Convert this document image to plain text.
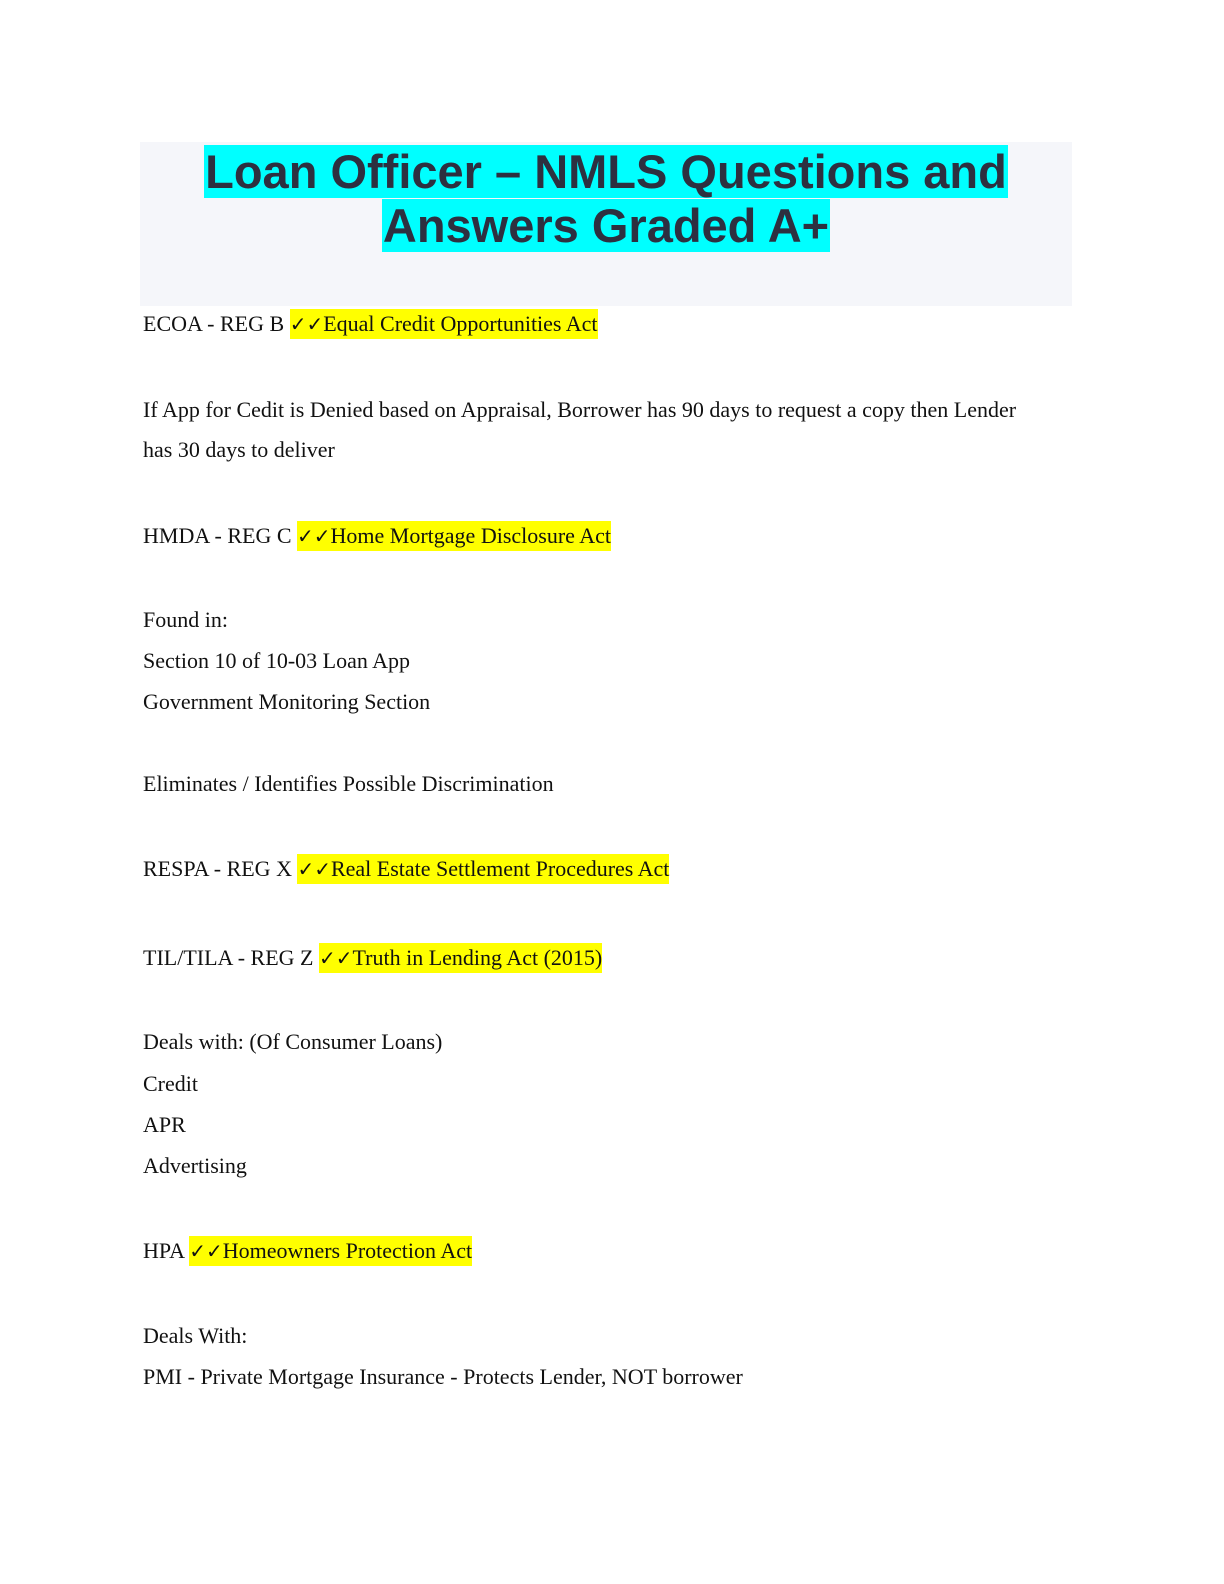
Loan Officer – NMLS Questions and
Answers Graded A+
ECOA - REG B ✓✓Equal Credit Opportunities Act
If App for Cedit is Denied based on Appraisal, Borrower has 90 days to request a copy then Lender
has 30 days to deliver
HMDA - REG C ✓✓Home Mortgage Disclosure Act
Found in:
Section 10 of 10-03 Loan App
Government Monitoring Section
Eliminates / Identifies Possible Discrimination
RESPA - REG X ✓✓Real Estate Settlement Procedures Act
TIL/TILA - REG Z ✓✓Truth in Lending Act (2015)
Deals with: (Of Consumer Loans)
Credit
APR
Advertising
HPA ✓✓Homeowners Protection Act
Deals With:
PMI - Private Mortgage Insurance - Protects Lender, NOT borrower
